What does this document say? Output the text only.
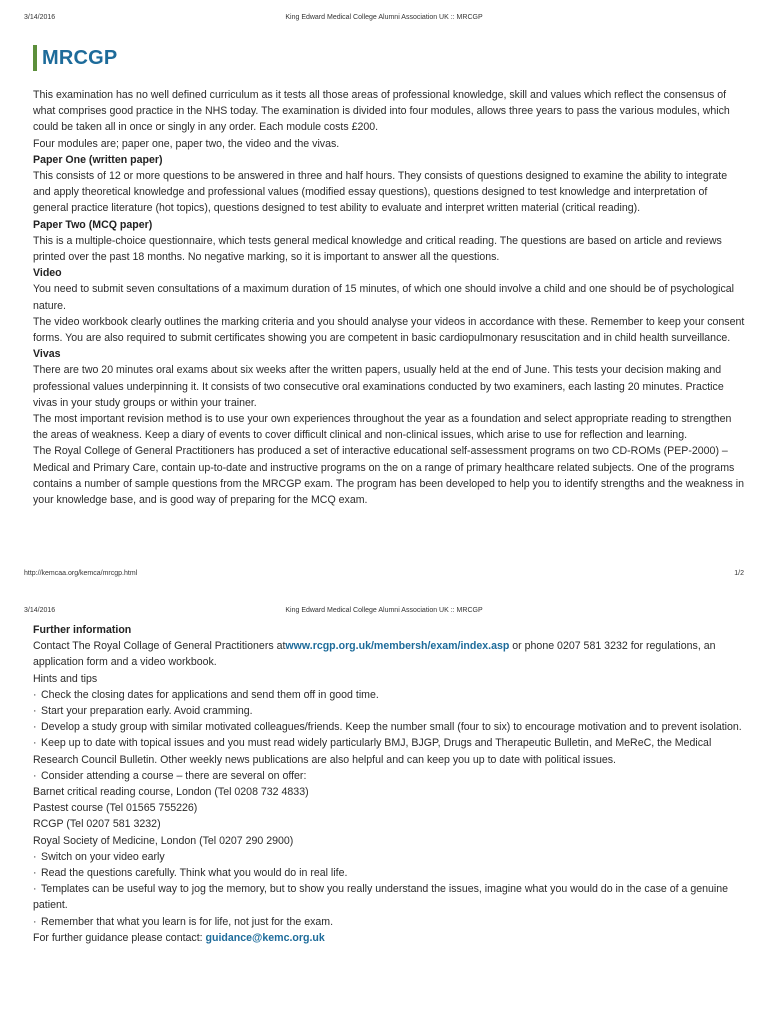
3/14/2016	King Edward Medical College Alumni Association UK :: MRCGP
MRCGP

This examination has no well defined curriculum as it tests all those areas of professional knowledge, skill and values which reflect the consensus of what comprises good practice in the NHS today. The examination is divided into four modules, allows three years to pass the various modules, which could be taken all in once or singly in any order. Each module costs £200.

Four modules are; paper one, paper two, the video and the vivas.

Paper One (written paper)

This consists of 12 or more questions to be answered in three and half hours. They consists of questions designed to examine the ability to integrate and apply theoretical knowledge and professional values (modified essay questions), questions designed to test knowledge and interpretation of general practice literature (hot topics), questions designed to test ability to evaluate and interpret written material (critical reading).

Paper Two (MCQ paper)

This is a multiple-choice questionnaire, which tests general medical knowledge and critical reading. The questions are based on article and reviews printed over the past 18 months. No negative marking, so it is important to answer all the questions.

Video

You need to submit seven consultations of a maximum duration of 15 minutes, of which one should involve a child and one should be of psychological nature.

The video workbook clearly outlines the marking criteria and you should analyse your videos in accordance with these. Remember to keep your consent forms. You are also required to submit certificates showing you are competent in basic cardiopulmonary resuscitation and in child health surveillance.

Vivas

There are two 20 minutes oral exams about six weeks after the written papers, usually held at the end of June. This tests your decision making and professional values underpinning it. It consists of two consecutive oral examinations conducted by two examiners, each lasting 20 minutes. Practice vivas in your study groups or within your trainer.

The most important revision method is to use your own experiences throughout the year as a foundation and select appropriate reading to strengthen the areas of weakness. Keep a diary of events to cover difficult clinical and non-clinical issues, which arise to use for reflection and learning.

The Royal College of General Practitioners has produced a set of interactive educational self-assessment programs on two CD-ROMs (PEP-2000) – Medical and Primary Care, contain up-to-date and instructive programs on the on a range of primary healthcare related subjects. One of the programs contains a number of sample questions from the MRCGP exam. The program has been developed to help you to identify strengths and the weakness in your knowledge base, and is good way of preparing for the MCQ exam.

http://kemcaa.org/kemca/mrcgp.html	1/2
3/14/2016	King Edward Medical College Alumni Association UK :: MRCGP

Further information

Contact The Royal Collage of General Practitioners atwww.rcgp.org.uk/membersh/exam/index.asp or phone 0207 581 3232 for regulations, an application form and a video workbook.

Hints and tips

· Check the closing dates for applications and send them off in good time.

· Start your preparation early. Avoid cramming.

· Develop a study group with similar motivated colleagues/friends. Keep the number small (four to six) to encourage motivation and to prevent isolation.

· Keep up to date with topical issues and you must read widely particularly BMJ, BJGP, Drugs and Therapeutic Bulletin, and MeReC, the Medical Research Council Bulletin. Other weekly news publications are also helpful and can keep you up to date with political issues.

· Consider attending a course – there are several on offer:

Barnet critical reading course, London (Tel 0208 732 4833)

Pastest course (Tel 01565 755226)

RCGP (Tel 0207 581 3232)

Royal Society of Medicine, London (Tel 0207 290 2900)

· Switch on your video early

· Read the questions carefully. Think what you would do in real life.

· Templates can be useful way to jog the memory, but to show you really understand the issues, imagine what you would do in the case of a genuine patient.

· Remember that what you learn is for life, not just for the exam.

For further guidance please contact: guidance@kemc.org.uk
